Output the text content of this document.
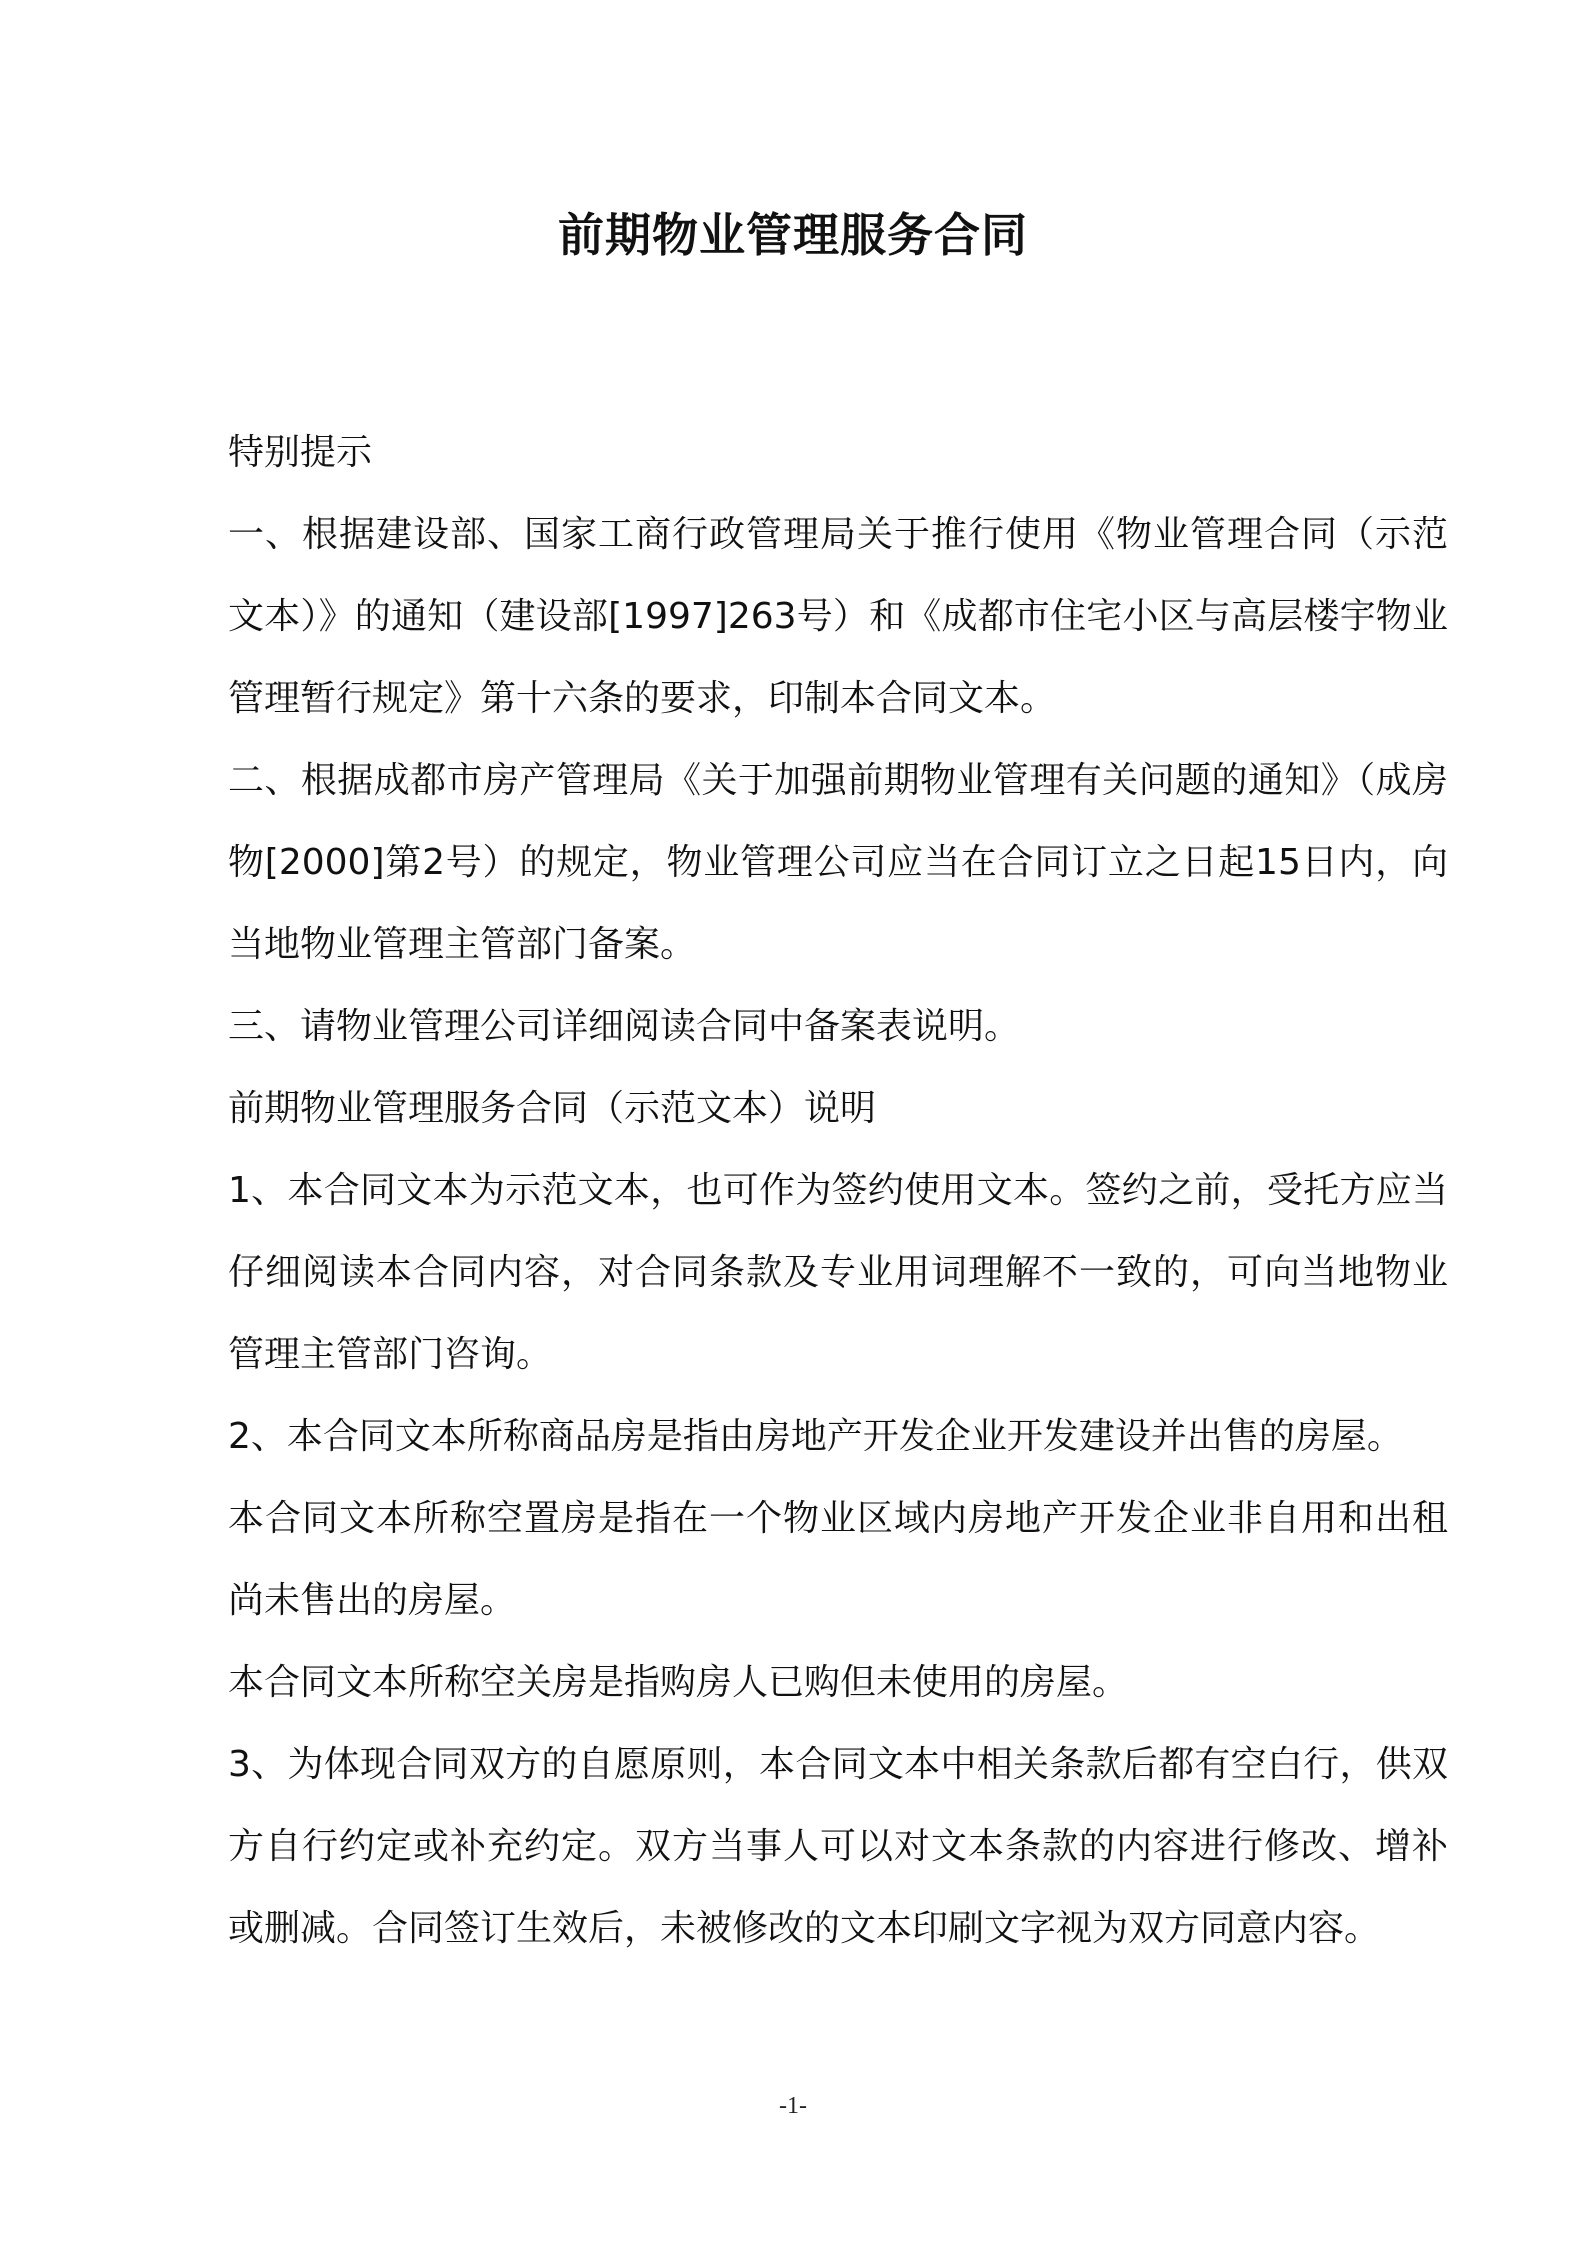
前期物业管理服务合同

特别提示

一、根据建设部、国家工商行政管理局关于推行使用《物业管理合同（示范文本）》的通知（建设部[1997]263号）和《成都市住宅小区与高层楼宇物业管理暂行规定》第十六条的要求，印制本合同文本。

二、根据成都市房产管理局《关于加强前期物业管理有关问题的通知》（成房物[2000]第2号）的规定，物业管理公司应当在合同订立之日起15日内，向当地物业管理主管部门备案。

三、请物业管理公司详细阅读合同中备案表说明。

前期物业管理服务合同（示范文本）说明

1、本合同文本为示范文本，也可作为签约使用文本。签约之前，受托方应当仔细阅读本合同内容，对合同条款及专业用词理解不一致的，可向当地物业管理主管部门咨询。

2、本合同文本所称商品房是指由房地产开发企业开发建设并出售的房屋。

本合同文本所称空置房是指在一个物业区域内房地产开发企业非自用和出租尚未售出的房屋。

本合同文本所称空关房是指购房人已购但未使用的房屋。

3、为体现合同双方的自愿原则，本合同文本中相关条款后都有空白行，供双方自行约定或补充约定。双方当事人可以对文本条款的内容进行修改、增补或删减。合同签订生效后，未被修改的文本印刷文字视为双方同意内容。

-1-
